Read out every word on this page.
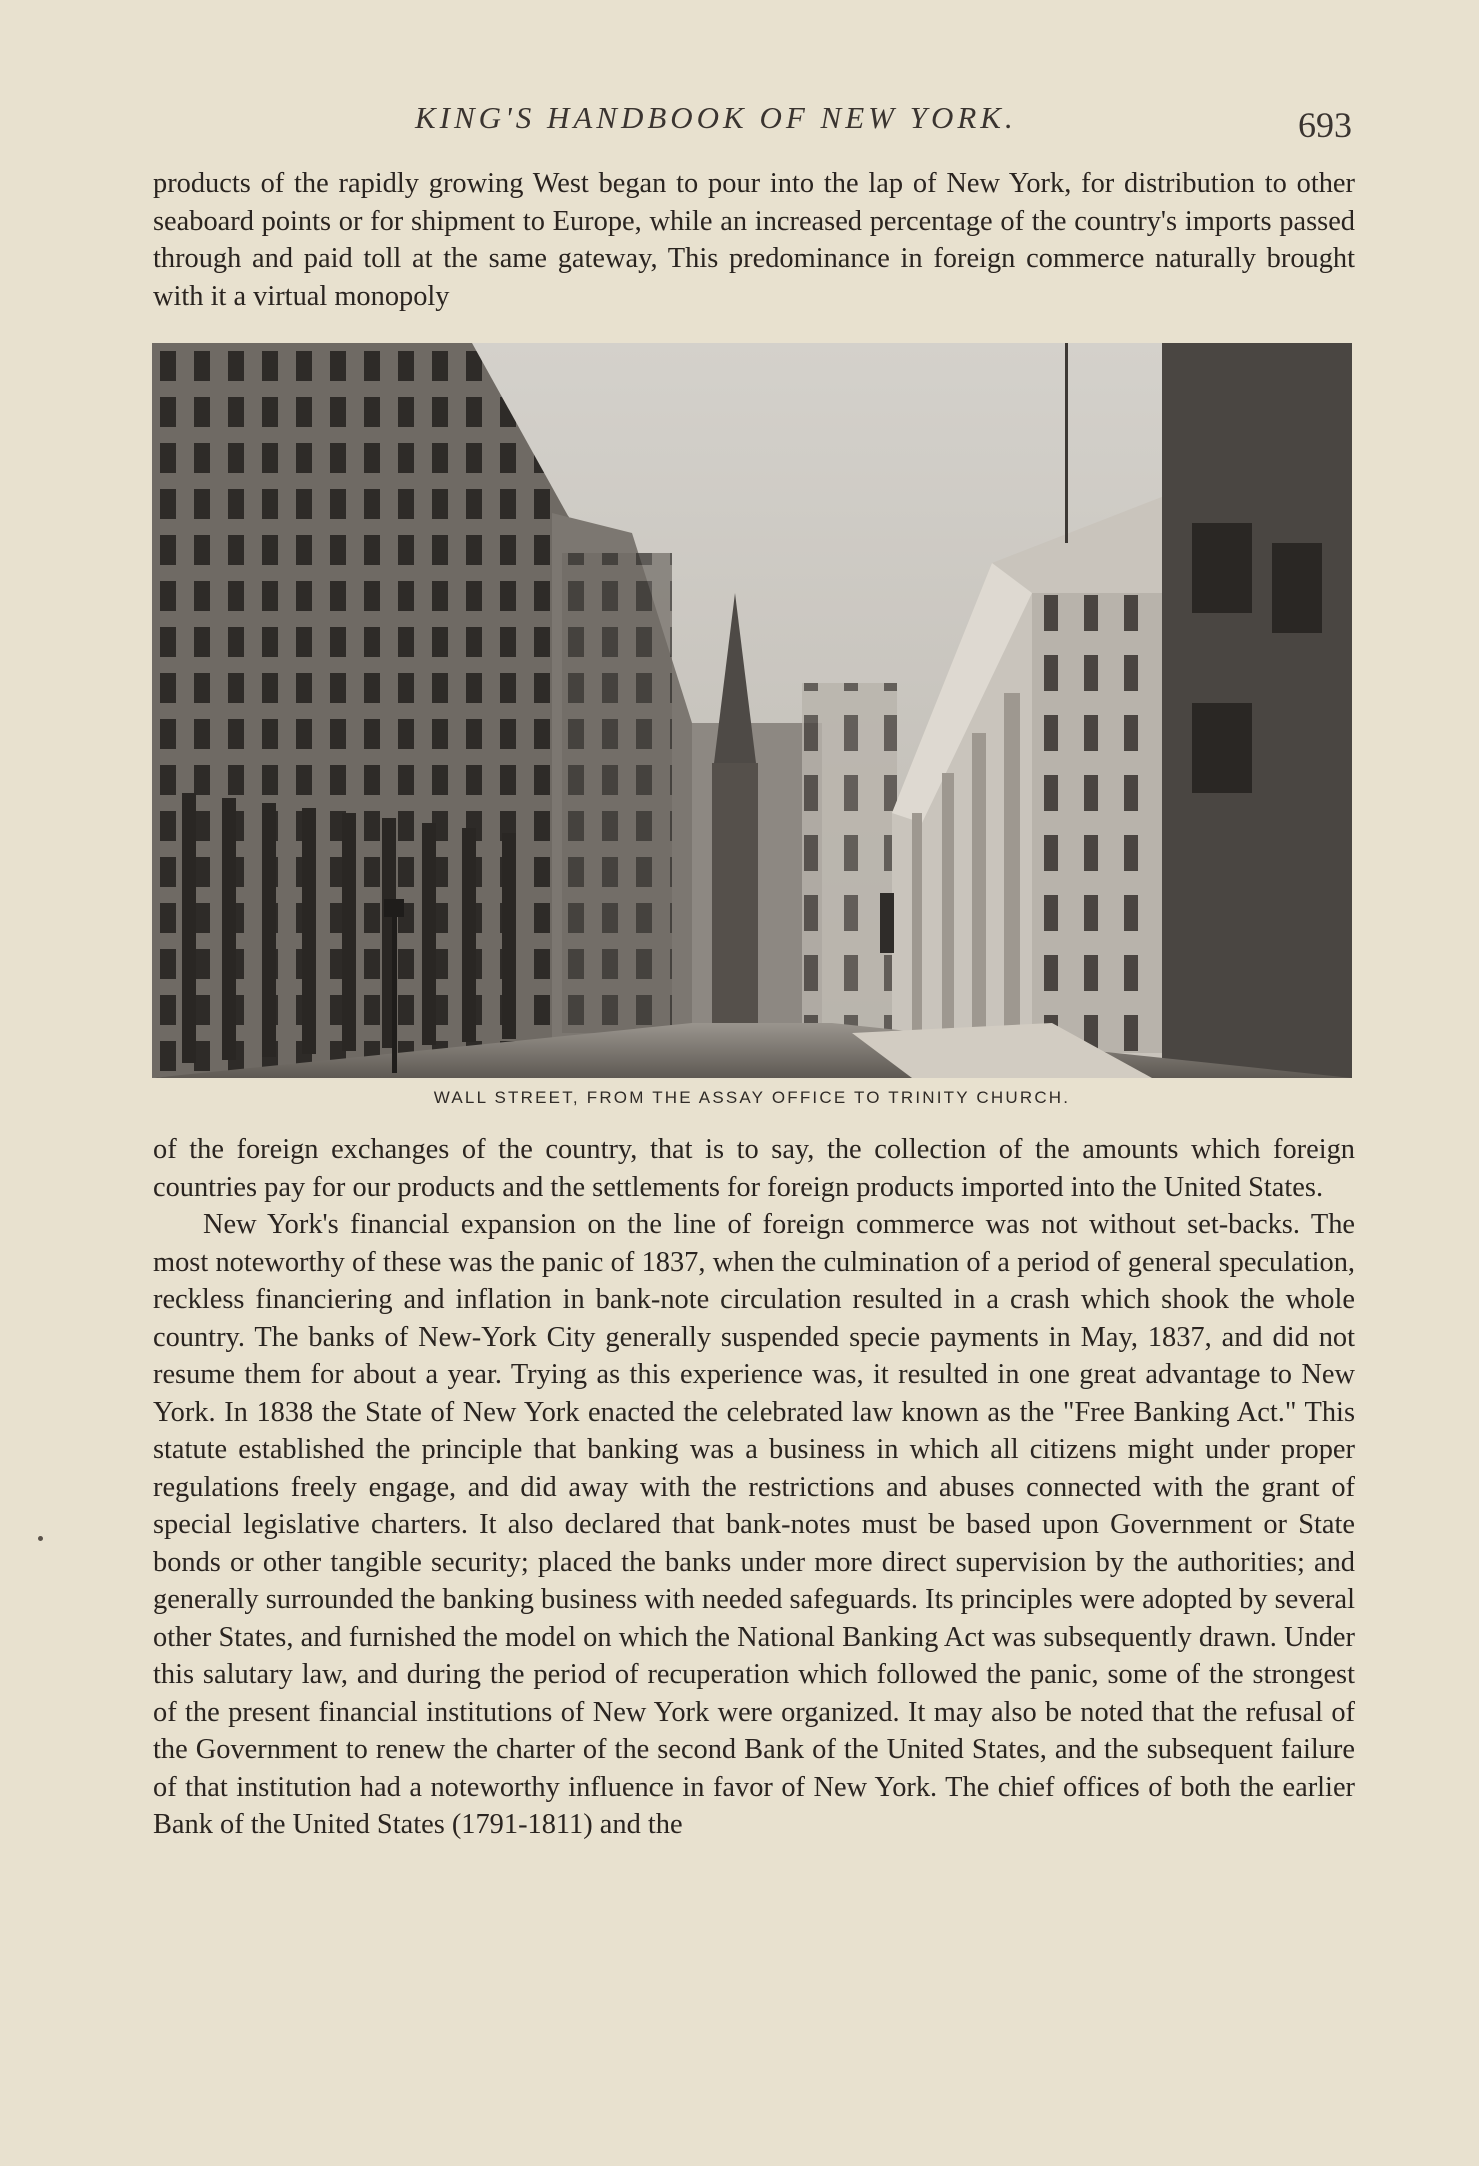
KING'S HANDBOOK OF NEW YORK.	693

products of the rapidly growing West began to pour into the lap of New York, for distribution to other seaboard points or for shipment to Europe, while an increased percentage of the country's imports passed through and paid toll at the same gateway, This predominance in foreign commerce naturally brought with it a virtual monopoly

WALL STREET, FROM THE ASSAY OFFICE TO TRINITY CHURCH.

of the foreign exchanges of the country, that is to say, the collection of the amounts which foreign countries pay for our products and the settlements for foreign products imported into the United States.

New York's financial expansion on the line of foreign commerce was not without set-backs. The most noteworthy of these was the panic of 1837, when the culmination of a period of general speculation, reckless financiering and inflation in bank-note circulation resulted in a crash which shook the whole country. The banks of New-York City generally suspended specie payments in May, 1837, and did not resume them for about a year. Trying as this experience was, it resulted in one great advantage to New York. In 1838 the State of New York enacted the celebrated law known as the "Free Banking Act." This statute established the principle that banking was a business in which all citizens might under proper regulations freely engage, and did away with the restrictions and abuses connected with the grant of special legislative charters. It also declared that bank-notes must be based upon Government or State bonds or other tangible security; placed the banks under more direct supervision by the authorities; and generally surrounded the banking business with needed safeguards. Its principles were adopted by several other States, and furnished the model on which the National Banking Act was subsequently drawn. Under this salutary law, and during the period of recuperation which followed the panic, some of the strongest of the present financial institutions of New York were organized. It may also be noted that the refusal of the Government to renew the charter of the second Bank of the United States, and the subsequent failure of that institution had a noteworthy influence in favor of New York. The chief offices of both the earlier Bank of the United States (1791-1811) and the
